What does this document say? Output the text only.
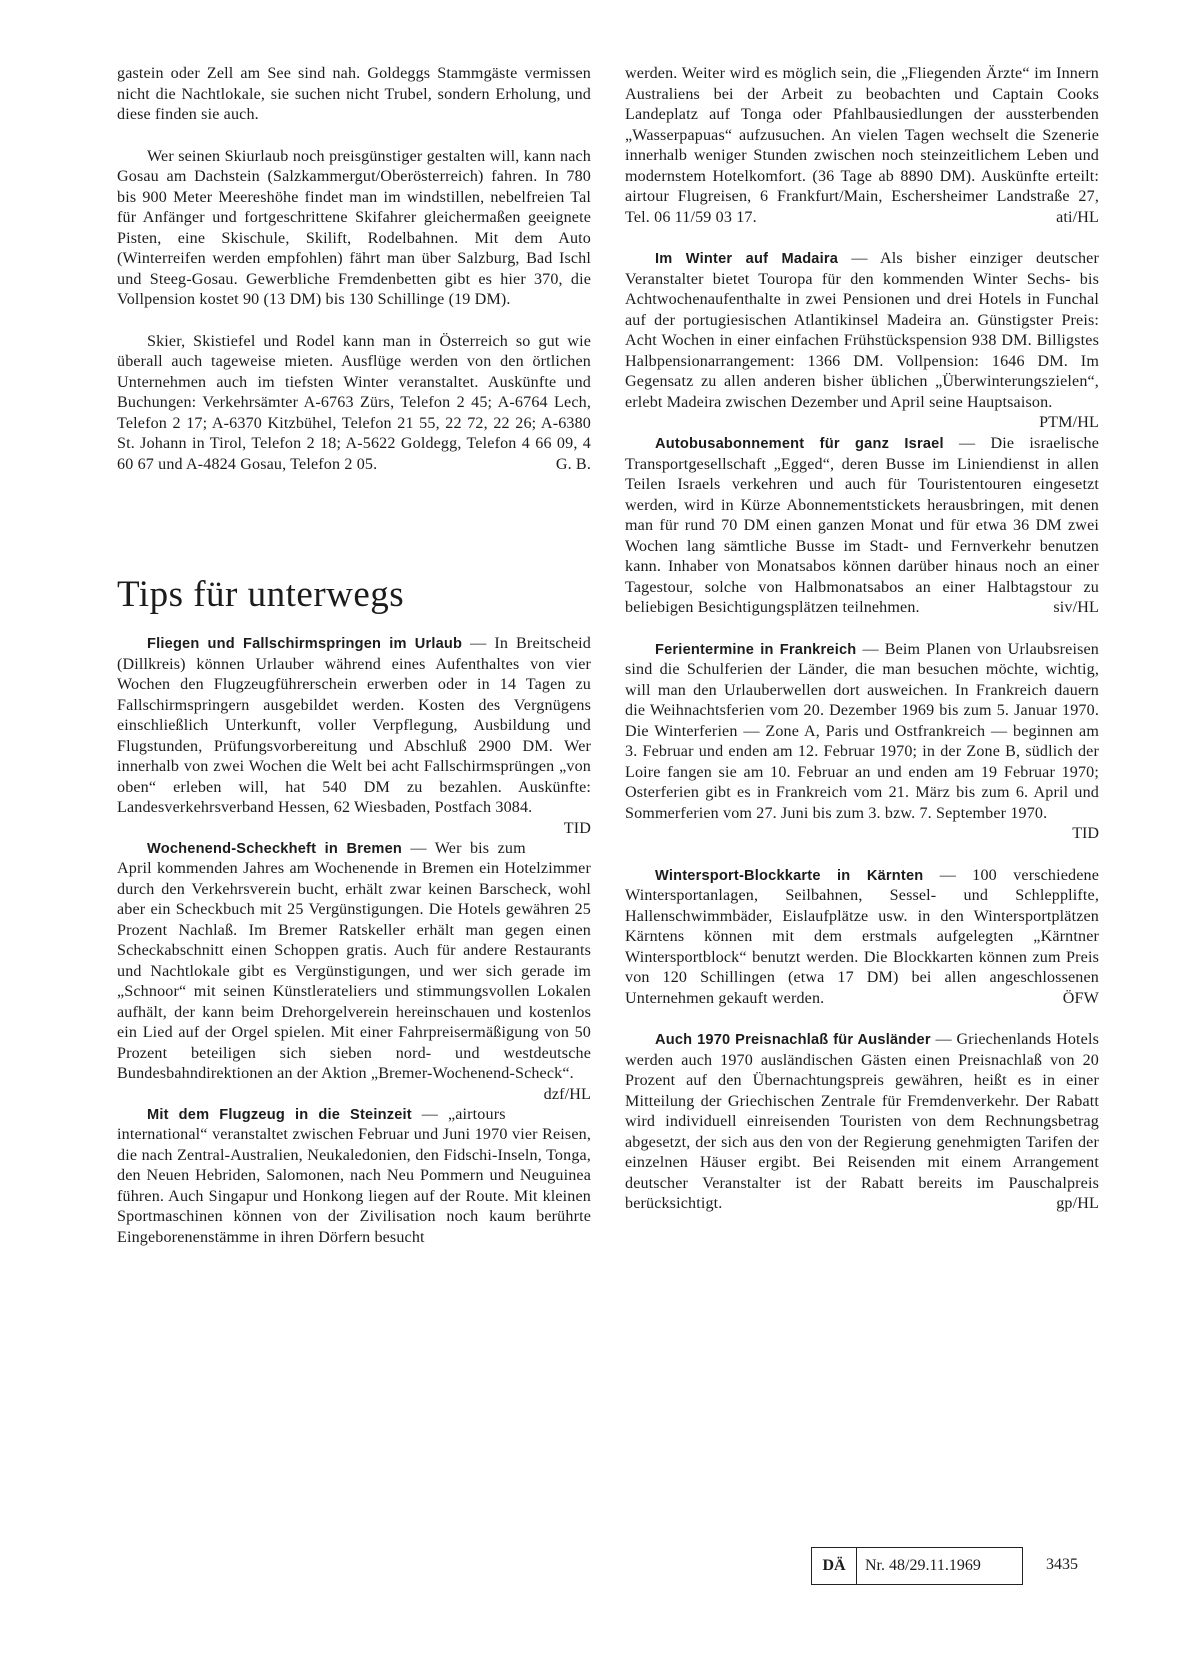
gastein oder Zell am See sind nah. Goldeggs Stammgäste vermissen nicht die Nachtlokale, sie suchen nicht Trubel, sondern Erholung, und diese finden sie auch.

Wer seinen Skiurlaub noch preisgünstiger gestalten will, kann nach Gosau am Dachstein (Salzkammergut/Oberösterreich) fahren. In 780 bis 900 Meter Meereshöhe findet man im windstillen, nebelfreien Tal für Anfänger und fortgeschrittene Skifahrer gleichermaßen geeignete Pisten, eine Skischule, Skilift, Rodelbahnen. Mit dem Auto (Winterreifen werden empfohlen) fährt man über Salzburg, Bad Ischl und Steeg-Gosau. Gewerbliche Fremdenbetten gibt es hier 370, die Vollpension kostet 90 (13 DM) bis 130 Schillinge (19 DM).

Skier, Skistiefel und Rodel kann man in Österreich so gut wie überall auch tageweise mieten. Ausflüge werden von den örtlichen Unternehmen auch im tiefsten Winter veranstaltet. Auskünfte und Buchungen: Verkehrsämter A-6763 Zürs, Telefon 2 45; A-6764 Lech, Telefon 2 17; A-6370 Kitzbühel, Telefon 21 55, 22 72, 22 26; A-6380 St. Johann in Tirol, Telefon 2 18; A-5622 Goldegg, Telefon 4 66 09, 4 60 67 und A-4824 Gosau, Telefon 2 05.	G. B.

Tips für unterwegs

Fliegen und Fallschirmspringen im Urlaub — In Breitscheid (Dillkreis) können Urlauber während eines Aufenthaltes von vier Wochen den Flugzeugführerschein erwerben oder in 14 Tagen zu Fallschirmspringern ausgebildet werden. Kosten des Vergnügens einschließlich Unterkunft, voller Verpflegung, Ausbildung und Flugstunden, Prüfungsvorbereitung und Abschluß 2900 DM. Wer innerhalb von zwei Wochen die Welt bei acht Fallschirmsprüngen „von oben“ erleben will, hat 540 DM zu bezahlen. Auskünfte: Landesverkehrsverband Hessen, 62 Wiesbaden, Postfach 3084.
TID

Wochenend-Scheckheft in Bremen — Wer bis zum April kommenden Jahres am Wochenende in Bremen ein Hotelzimmer durch den Verkehrsverein bucht, erhält zwar keinen Barscheck, wohl aber ein Scheckbuch mit 25 Vergünstigungen. Die Hotels gewähren 25 Prozent Nachlaß. Im Bremer Ratskeller erhält man gegen einen Scheckabschnitt einen Schoppen gratis. Auch für andere Restaurants und Nachtlokale gibt es Vergünstigungen, und wer sich gerade im „Schnoor“ mit seinen Künstlerateliers und stimmungsvollen Lokalen aufhält, der kann beim Drehorgelverein hereinschauen und kostenlos ein Lied auf der Orgel spielen. Mit einer Fahrpreisermäßigung von 50 Prozent beteiligen sich sieben nord- und westdeutsche Bundesbahndirektionen an der Aktion „Bremer-Wochenend-Scheck“.
dzf/HL

Mit dem Flugzeug in die Steinzeit — „airtours international“ veranstaltet zwischen Februar und Juni 1970 vier Reisen, die nach Zentral-Australien, Neukaledonien, den Fidschi-Inseln, Tonga, den Neuen Hebriden, Salomonen, nach Neu Pommern und Neuguinea führen. Auch Singapur und Honkong liegen auf der Route. Mit kleinen Sportmaschinen können von der Zivilisation noch kaum berührte Eingeborenenstämme in ihren Dörfern besucht

werden. Weiter wird es möglich sein, die „Fliegenden Ärzte“ im Innern Australiens bei der Arbeit zu beobachten und Captain Cooks Landeplatz auf Tonga oder Pfahlbausiedlungen der aussterbenden „Wasserpapuas“ aufzusuchen. An vielen Tagen wechselt die Szenerie innerhalb weniger Stunden zwischen noch steinzeitlichem Leben und modernstem Hotelkomfort. (36 Tage ab 8890 DM). Auskünfte erteilt: airtour Flugreisen, 6 Frankfurt/Main, Eschersheimer Landstraße 27, Tel. 06 11/59 03 17.	ati/HL

Im Winter auf Madaira — Als bisher einziger deutscher Veranstalter bietet Touropa für den kommenden Winter Sechs- bis Achtwochenaufenthalte in zwei Pensionen und drei Hotels in Funchal auf der portugiesischen Atlantikinsel Madeira an. Günstigster Preis: Acht Wochen in einer einfachen Frühstückspension 938 DM. Billigstes Halbpensionarrangement: 1366 DM. Vollpension: 1646 DM. Im Gegensatz zu allen anderen bisher üblichen „Überwinterungszielen“, erlebt Madeira zwischen Dezember und April seine Hauptsaison.
PTM/HL

Autobusabonnement für ganz Israel — Die israelische Transportgesellschaft „Egged“, deren Busse im Liniendienst in allen Teilen Israels verkehren und auch für Touristentouren eingesetzt werden, wird in Kürze Abonnementstickets herausbringen, mit denen man für rund 70 DM einen ganzen Monat und für etwa 36 DM zwei Wochen lang sämtliche Busse im Stadt- und Fernverkehr benutzen kann. Inhaber von Monatsabos können darüber hinaus noch an einer Tagestour, solche von Halbmonatsabos an einer Halbtagstour zu beliebigen Besichtigungsplätzen teilnehmen.	siv/HL

Ferientermine in Frankreich — Beim Planen von Urlaubsreisen sind die Schulferien der Länder, die man besuchen möchte, wichtig, will man den Urlauberwellen dort ausweichen. In Frankreich dauern die Weihnachtsferien vom 20. Dezember 1969 bis zum 5. Januar 1970. Die Winterferien — Zone A, Paris und Ostfrankreich — beginnen am 3. Februar und enden am 12. Februar 1970; in der Zone B, südlich der Loire fangen sie am 10. Februar an und enden am 19 Februar 1970; Osterferien gibt es in Frankreich vom 21. März bis zum 6. April und Sommerferien vom 27. Juni bis zum 3. bzw. 7. September 1970.

TID

Wintersport-Blockkarte in Kärnten — 100 verschiedene Wintersportanlagen, Seilbahnen, Sessel- und Schlepplifte, Hallenschwimmbäder, Eislaufplätze usw. in den Wintersportplätzen Kärntens können mit dem erstmals aufgelegten „Kärntner Wintersportblock“ benutzt werden. Die Blockkarten können zum Preis von 120 Schillingen (etwa 17 DM) bei allen angeschlossenen Unternehmen gekauft werden.	ÖFW

Auch 1970 Preisnachlaß für Ausländer — Griechenlands Hotels werden auch 1970 ausländischen Gästen einen Preisnachlaß von 20 Prozent auf den Übernachtungspreis gewähren, heißt es in einer Mitteilung der Griechischen Zentrale für Fremdenverkehr. Der Rabatt wird individuell einreisenden Touristen von dem Rechnungsbetrag abgesetzt, der sich aus den von der Regierung genehmigten Tarifen der einzelnen Häuser ergibt. Bei Reisenden mit einem Arrangement deutscher Veranstalter ist der Rabatt bereits im Pauschalpreis berücksichtigt.	gp/HL

DÄ	Nr. 48/29.11.1969	3435
